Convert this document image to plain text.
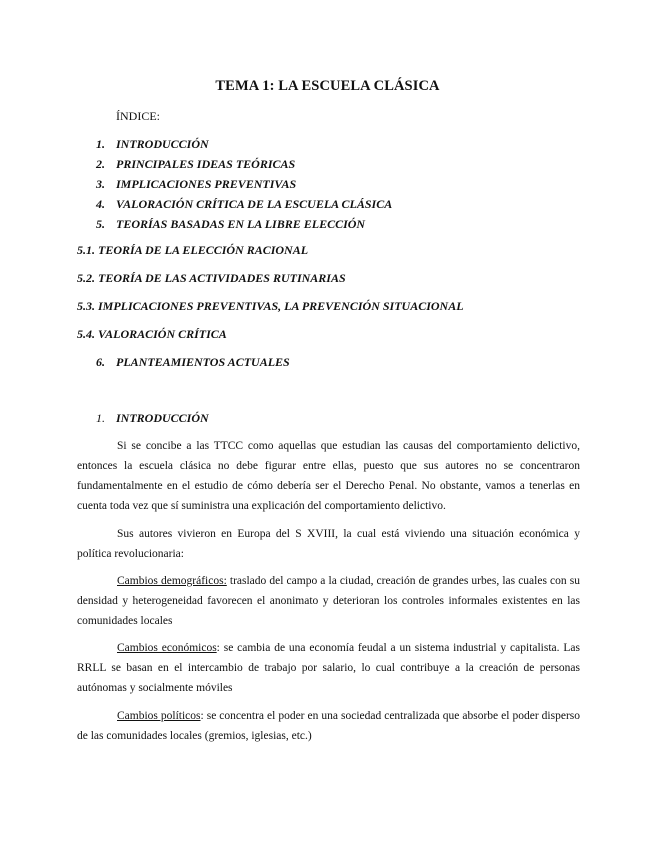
TEMA 1: LA ESCUELA CLÁSICA
ÍNDICE:
1. INTRODUCCIÓN
2. PRINCIPALES IDEAS TEÓRICAS
3. IMPLICACIONES PREVENTIVAS
4. VALORACIÓN CRÍTICA DE LA ESCUELA CLÁSICA
5. TEORÍAS BASADAS EN LA LIBRE ELECCIÓN
5.1. TEORÍA DE LA ELECCIÓN RACIONAL
5.2. TEORÍA DE LAS ACTIVIDADES RUTINARIAS
5.3. IMPLICACIONES PREVENTIVAS, LA PREVENCIÓN SITUACIONAL
5.4. VALORACIÓN CRÍTICA
6. PLANTEAMIENTOS ACTUALES
1. INTRODUCCIÓN

Si se concibe a las TTCC como aquellas que estudian las causas del comportamiento delictivo, entonces la escuela clásica no debe figurar entre ellas, puesto que sus autores no se concentraron fundamentalmente en el estudio de cómo debería ser el Derecho Penal. No obstante, vamos a tenerlas en cuenta toda vez que sí suministra una explicación del comportamiento delictivo.

Sus autores vivieron en Europa del S XVIII, la cual está viviendo una situación económica y política revolucionaria:

Cambios demográficos: traslado del campo a la ciudad, creación de grandes urbes, las cuales con su densidad y heterogeneidad favorecen el anonimato y deterioran los controles informales existentes en las comunidades locales

Cambios económicos: se cambia de una economía feudal a un sistema industrial y capitalista. Las RRLL se basan en el intercambio de trabajo por salario, lo cual contribuye a la creación de personas autónomas y socialmente móviles

Cambios políticos: se concentra el poder en una sociedad centralizada que absorbe el poder disperso de las comunidades locales (gremios, iglesias, etc.)
